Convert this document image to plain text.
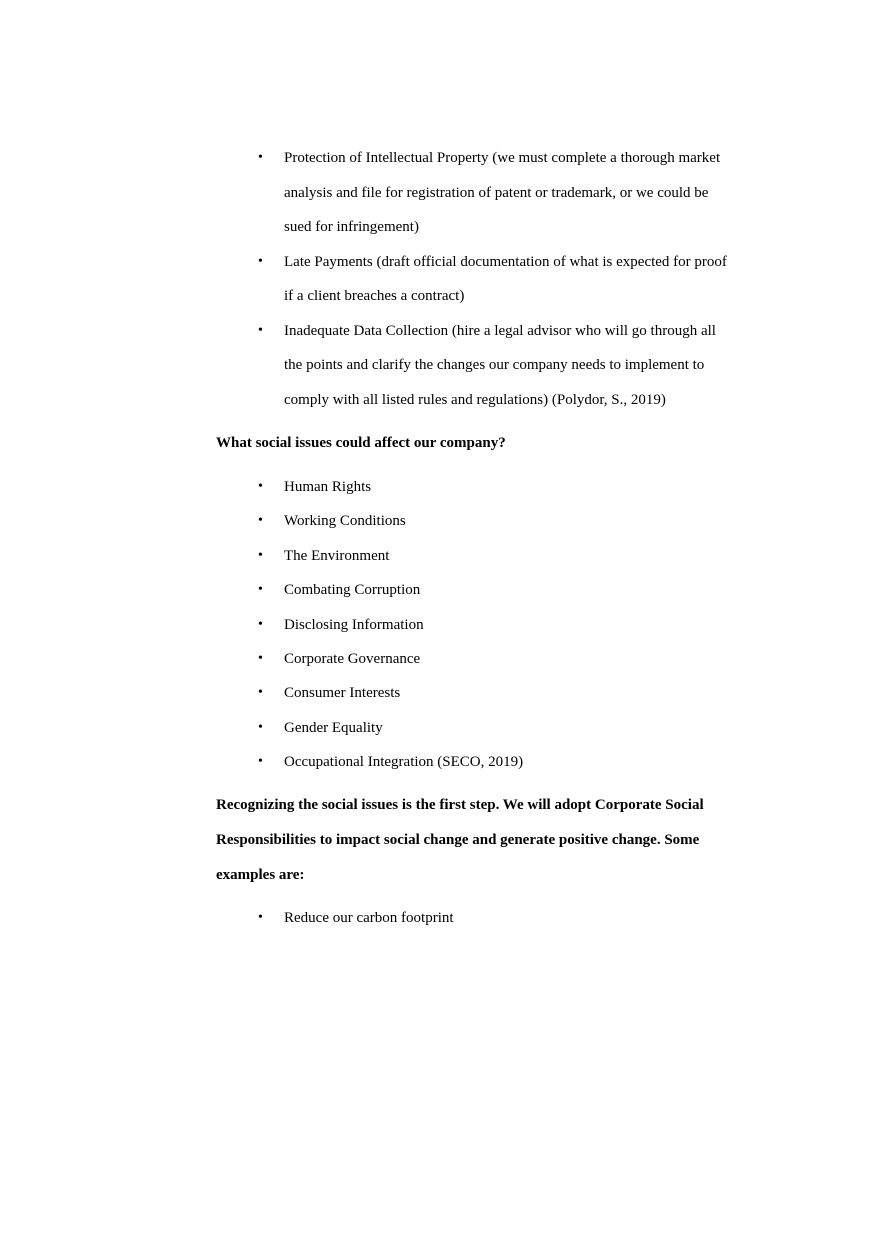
• Protection of Intellectual Property (we must complete a thorough market analysis and file for registration of patent or trademark, or we could be sued for infringement)
• Late Payments (draft official documentation of what is expected for proof if a client breaches a contract)
• Inadequate Data Collection (hire a legal advisor who will go through all the points and clarify the changes our company needs to implement to comply with all listed rules and regulations) (Polydor, S., 2019)

What social issues could affect our company?

• Human Rights
• Working Conditions
• The Environment
• Combating Corruption
• Disclosing Information
• Corporate Governance
• Consumer Interests
• Gender Equality
• Occupational Integration (SECO, 2019)

Recognizing the social issues is the first step. We will adopt Corporate Social Responsibilities to impact social change and generate positive change. Some examples are:

• Reduce our carbon footprint
